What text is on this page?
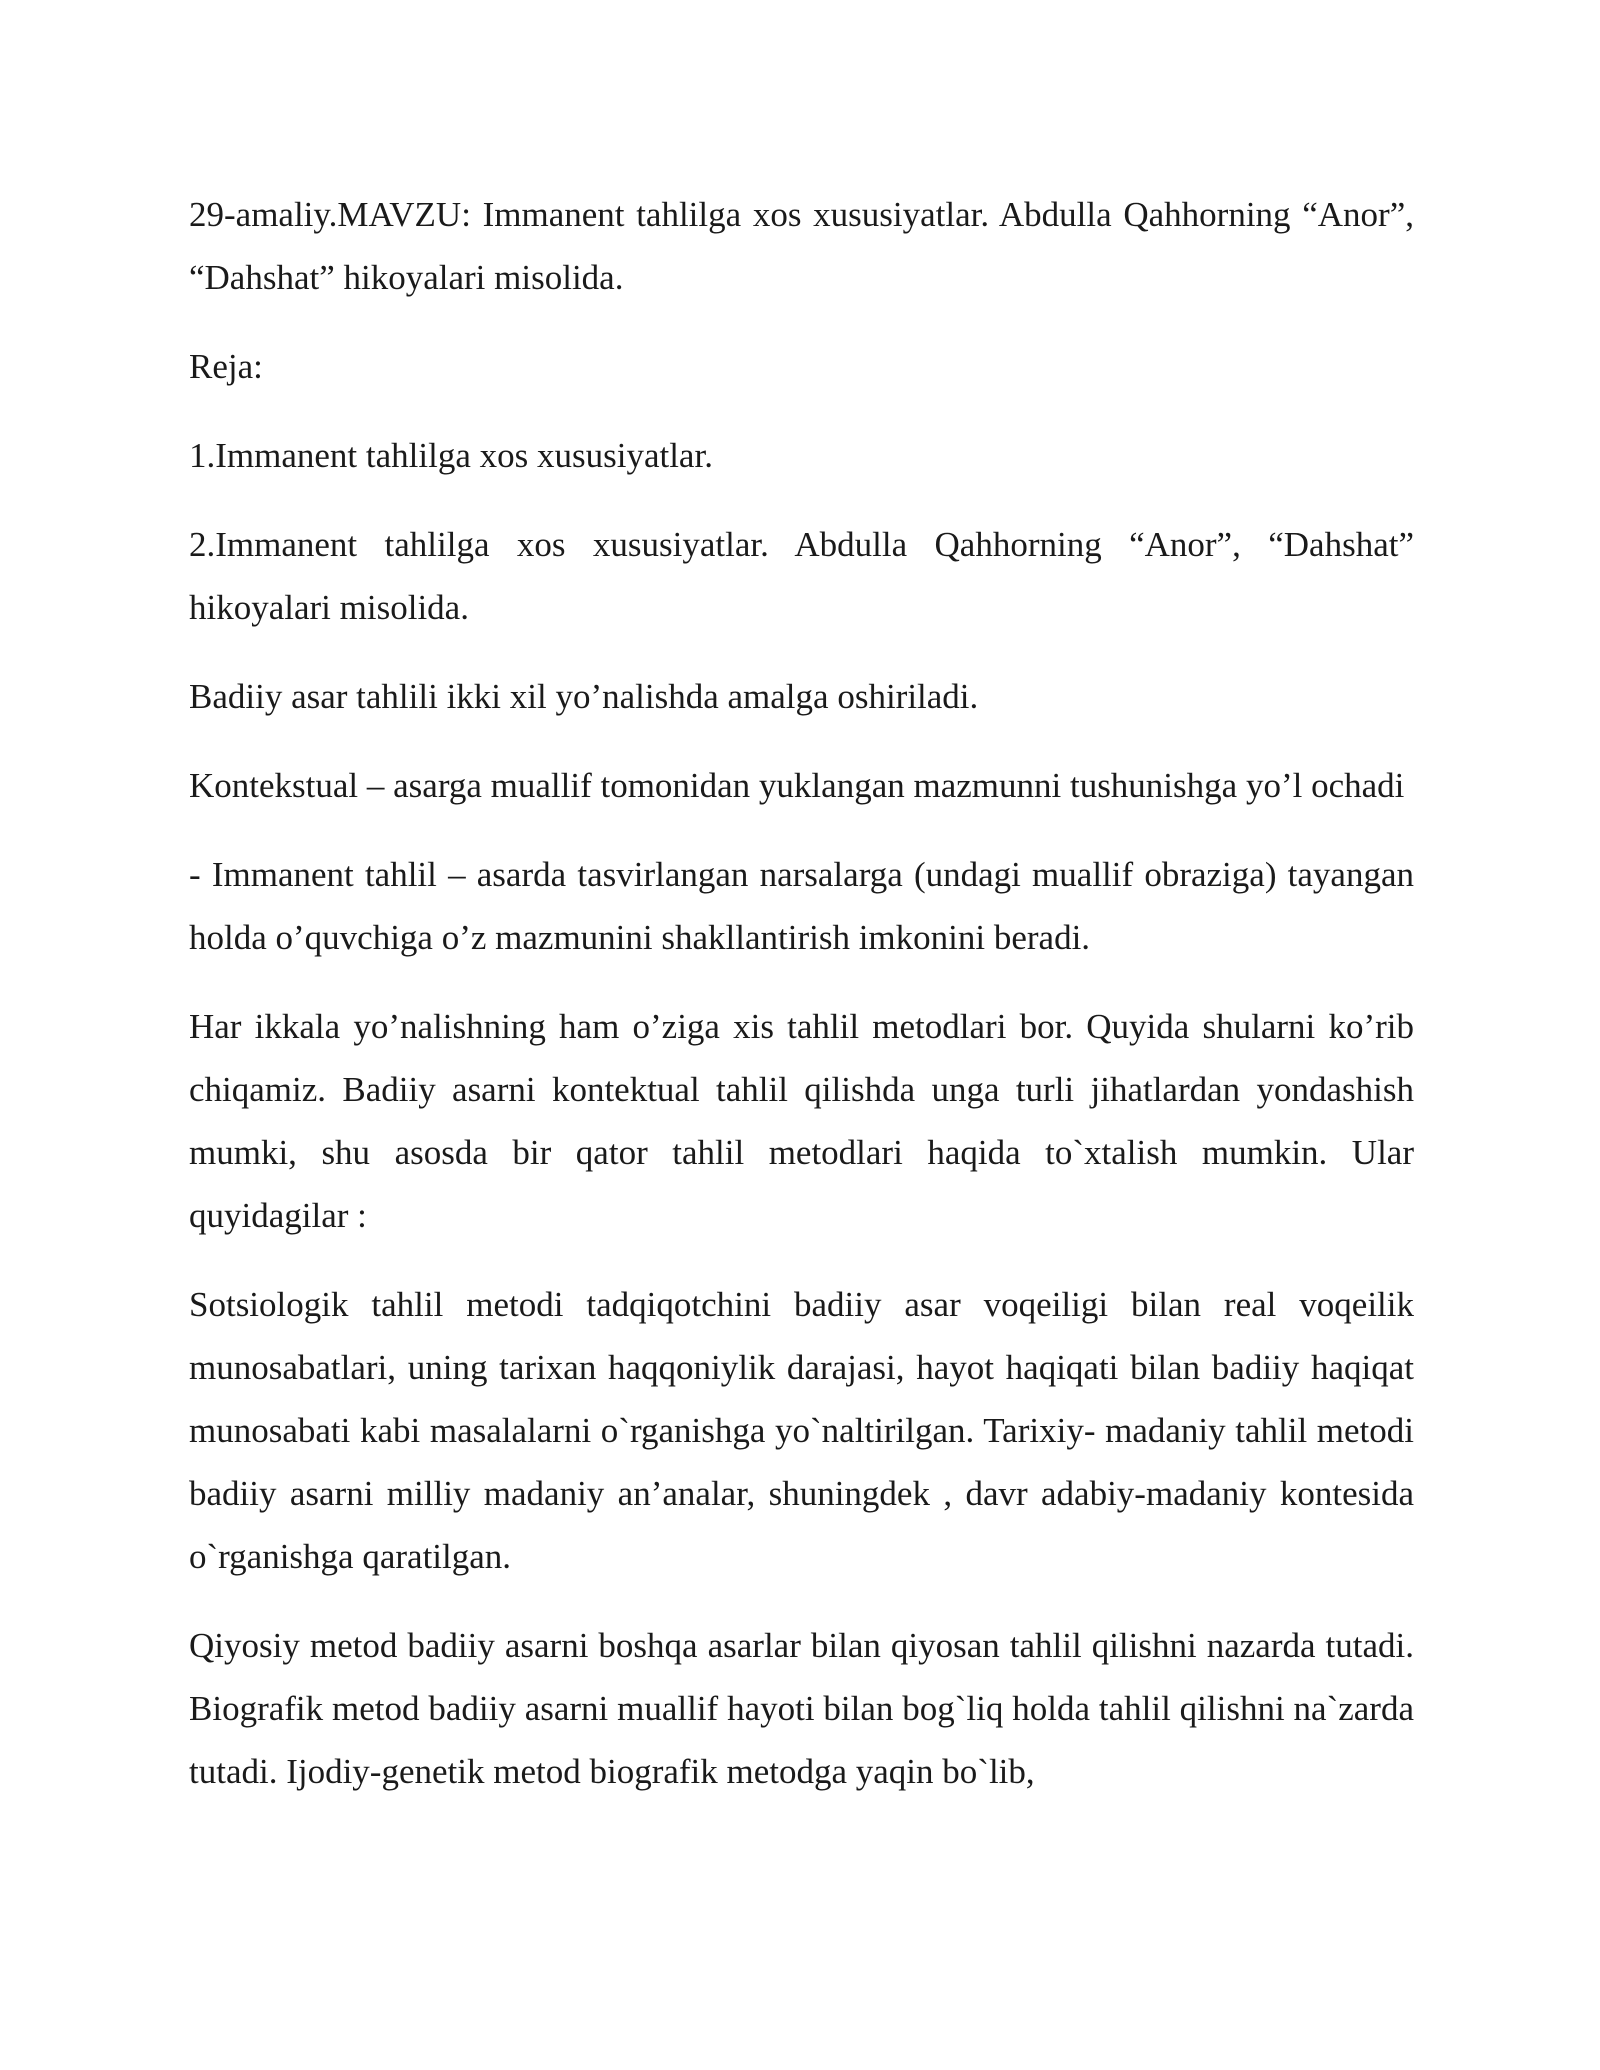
29-amaliy.MAVZU: Immanent tahlilga xos xususiyatlar. Abdulla Qahhorning “Anor”, “Dahshat” hikoyalari misolida.

Reja:

1.Immanent tahlilga xos xususiyatlar.

2.Immanent tahlilga xos xususiyatlar. Abdulla Qahhorning “Anor”, “Dahshat” hikoyalari misolida.

Badiiy asar tahlili ikki xil yo’nalishda amalga oshiriladi.

Kontekstual – asarga muallif tomonidan yuklangan mazmunni tushunishga yo’l ochadi

- Immanent tahlil – asarda tasvirlangan narsalarga (undagi muallif obraziga) tayangan holda o’quvchiga o’z mazmunini shakllantirish imkonini beradi.

Har ikkala yo’nalishning ham o’ziga xis tahlil metodlari bor. Quyida shularni ko’rib chiqamiz. Badiiy asarni kontektual tahlil qilishda unga turli jihatlardan yondashish mumki, shu asosda bir qator tahlil metodlari haqida to`xtalish mumkin. Ular quyidagilar :

Sotsiologik tahlil metodi tadqiqotchini badiiy asar voqeiligi bilan real voqeilik munosabatlari, uning tarixan haqqoniylik darajasi, hayot haqiqati bilan badiiy haqiqat munosabati kabi masalalarni o`rganishga yo`naltirilgan. Tarixiy- madaniy tahlil metodi badiiy asarni milliy madaniy an’analar, shuningdek , davr adabiy-madaniy kontesida o`rganishga qaratilgan.

Qiyosiy metod badiiy asarni boshqa asarlar bilan qiyosan tahlil qilishni nazarda tutadi. Biografik metod badiiy asarni muallif hayoti bilan bog`liq holda tahlil qilishni na`zarda tutadi. Ijodiy-genetik metod biografik metodga yaqin bo`lib,
